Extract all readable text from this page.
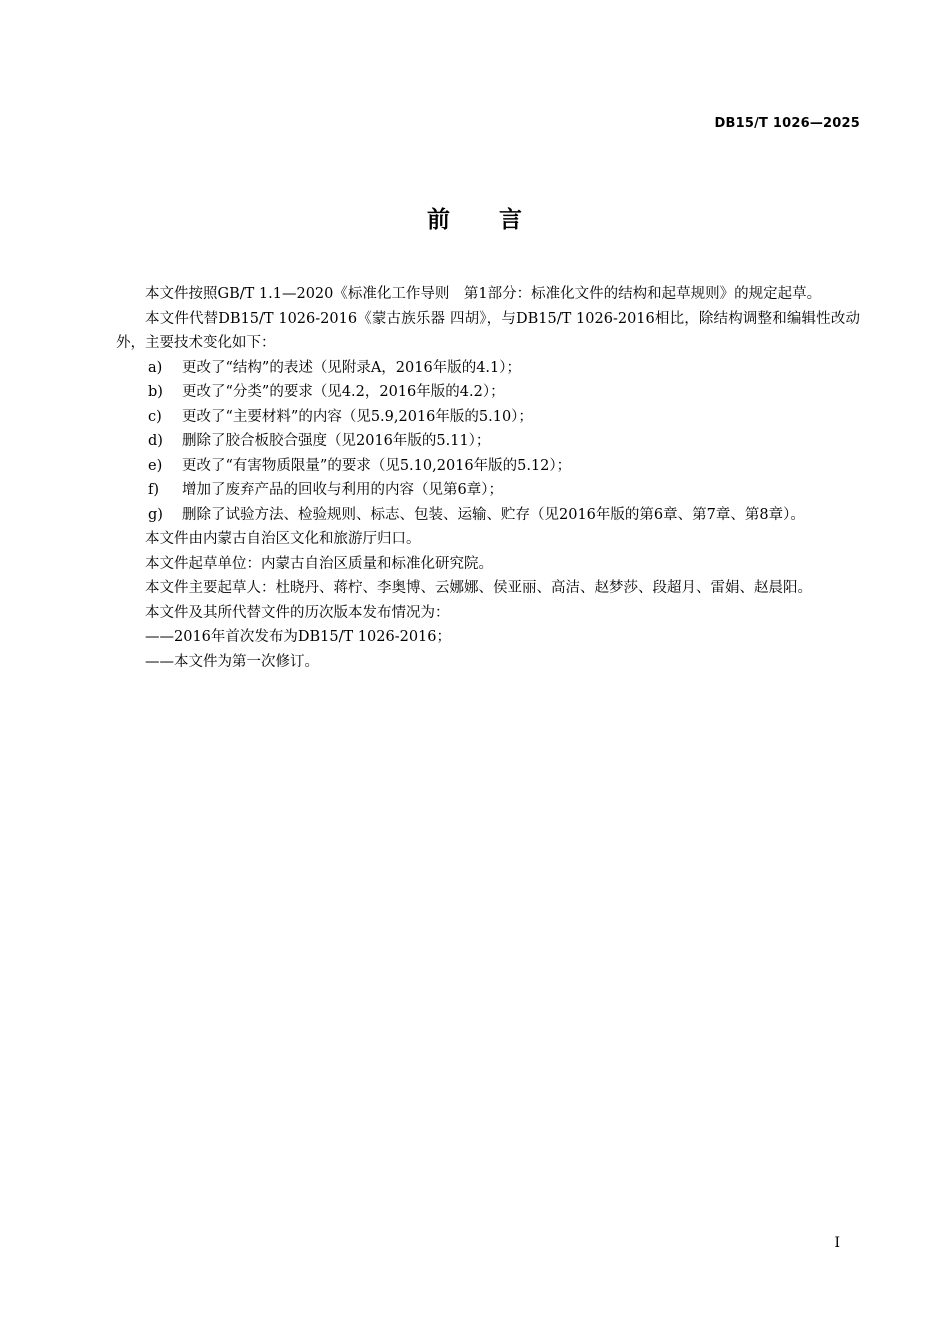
DB15/T 1026—2025
前　　言

本文件按照GB/T 1.1—2020《标准化工作导则　第1部分：标准化文件的结构和起草规则》的规定起草。

本文件代替DB15/T 1026-2016《蒙古族乐器 四胡》，与DB15/T 1026-2016相比，除结构调整和编辑性改动外，主要技术变化如下：

a) 更改了“结构”的表述（见附录A，2016年版的4.1）；
b) 更改了“分类”的要求（见4.2，2016年版的4.2）；
c) 更改了“主要材料”的内容（见5.9,2016年版的5.10）；
d) 删除了胶合板胶合强度（见2016年版的5.11）；
e) 更改了“有害物质限量”的要求（见5.10,2016年版的5.12）；
f) 增加了废弃产品的回收与利用的内容（见第6章）；
g) 删除了试验方法、检验规则、标志、包装、运输、贮存（见2016年版的第6章、第7章、第8章）。

本文件由内蒙古自治区文化和旅游厅归口。

本文件起草单位：内蒙古自治区质量和标准化研究院。

本文件主要起草人：杜晓丹、蒋柠、李奥博、云娜娜、侯亚丽、高洁、赵梦莎、段超月、雷娟、赵晨阳。

本文件及其所代替文件的历次版本发布情况为：

——2016年首次发布为DB15/T 1026-2016；

——本文件为第一次修订。

I
